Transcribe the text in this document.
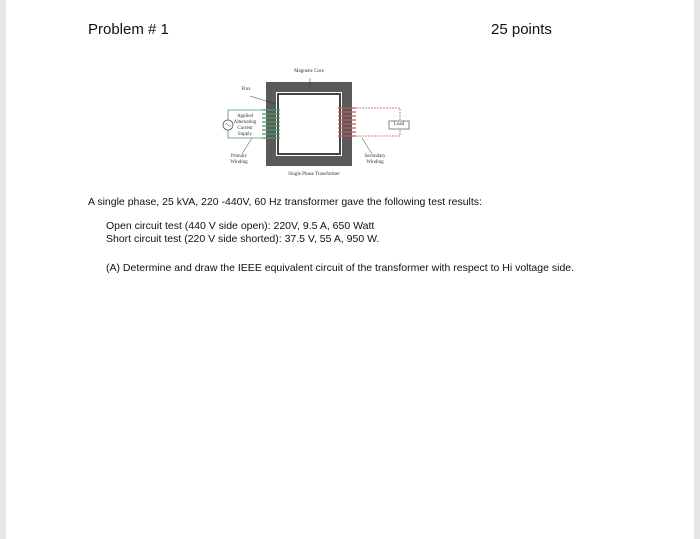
Problem # 1	25 points
Magnetic Core
Flux
Applied Alternating Current Supply
Load
Primary Winding
Secondary Winding
Single Phase Transformer
A single phase, 25 kVA, 220 -440V, 60 Hz transformer gave the following test results:
Open circuit test (440 V side open): 220V, 9.5 A, 650 Watt
Short circuit test (220 V side shorted): 37.5 V, 55 A, 950 W.
(A) Determine and draw the IEEE equivalent circuit of the transformer with respect to Hi voltage side.
